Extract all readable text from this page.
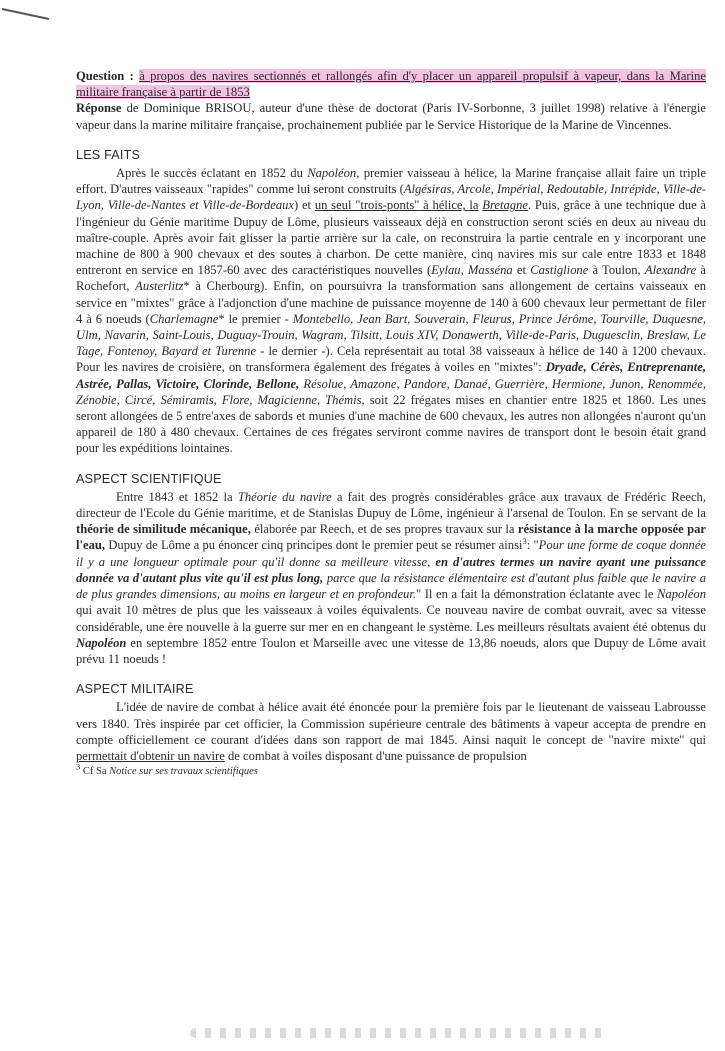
Question : à propos des navires sectionnés et rallongés afin d'y placer un appareil propulsif à vapeur, dans la Marine militaire française à partir de 1853

Réponse de Dominique BRISOU, auteur d'une thèse de doctorat (Paris IV-Sorbonne, 3 juillet 1998) relative à l'énergie vapeur dans la marine militaire française, prochainement publiée par le Service Historique de la Marine de Vincennes.

LES FAITS

Après le succès éclatant en 1852 du Napoléon, premier vaisseau à hélice, la Marine française allait faire un triple effort. D'autres vaisseaux "rapides" comme lui seront construits (Algésiras, Arcole, Impérial, Redoutable, Intrépide, Ville-de-Lyon, Ville-de-Nantes et Ville-de-Bordeaux) et un seul "trois-ponts" à hélice, la Bretagne. Puis, grâce à une technique due à l'ingénieur du Génie maritime Dupuy de Lôme, plusieurs vaisseaux déjà en construction seront sciés en deux au niveau du maître-couple. Après avoir fait glisser la partie arrière sur la cale, on reconstruira la partie centrale en y incorporant une machine de 800 à 900 chevaux et des soutes à charbon. De cette manière, cinq navires mis sur cale entre 1833 et 1848 entreront en service en 1857-60 avec des caractéristiques nouvelles (Eylau, Masséna et Castiglione à Toulon, Alexandre à Rochefort, Austerlitz* à Cherbourg). Enfin, on poursuivra la transformation sans allongement de certains vaisseaux en service en "mixtes" grâce à l'adjonction d'une machine de puissance moyenne de 140 à 600 chevaux leur permettant de filer 4 à 6 noeuds (Charlemagne* le premier - Montebello, Jean Bart, Souverain, Fleurus, Prince Jérôme, Tourville, Duquesne, Ulm, Navarin, Saint-Louis, Duguay-Trouin, Wagram, Tilsitt, Louis XIV, Donawerth, Ville-de-Paris, Duguesclin, Breslaw, Le Tage, Fontenoy, Bayard et Turenne - le dernier -). Cela représentait au total 38 vaisseaux à hélice de 140 à 1200 chevaux. Pour les navires de croisière, on transformera également des frégates à voiles en "mixtes": Dryade, Cérès, Entreprenante, Astrée, Pallas, Victoire, Clorinde, Bellone, Résolue, Amazone, Pandore, Danaé, Guerrière, Hermione, Junon, Renommée, Zénobie, Circé, Sémiramis, Flore, Magicienne, Thémis, soit 22 frégates mises en chantier entre 1825 et 1860. Les unes seront allongées de 5 entre'axes de sabords et munies d'une machine de 600 chevaux, les autres non allongées n'auront qu'un appareil de 180 à 480 chevaux. Certaines de ces frégates serviront comme navires de transport dont le besoin était grand pour les expéditions lointaines.

ASPECT SCIENTIFIQUE

Entre 1843 et 1852 la Théorie du navire a fait des progrès considérables grâce aux travaux de Frédéric Reech, directeur de l'Ecole du Génie maritime, et de Stanislas Dupuy de Lôme, ingénieur à l'arsenal de Toulon. En se servant de la théorie de similitude mécanique, élaborée par Reech, et de ses propres travaux sur la résistance à la marche opposée par l'eau, Dupuy de Lôme a pu énoncer cinq principes dont le premier peut se résumer ainsi$^3$: "Pour une forme de coque donnée il y a une longueur optimale pour qu'il donne sa meilleure vitesse, en d'autres termes un navire ayant une puissance donnée va d'autant plus vite qu'il est plus long, parce que la résistance élémentaire est d'autant plus faible que le navire a de plus grandes dimensions, au moins en largeur et en profondeur." Il en a fait la démonstration éclatante avec le Napoléon qui avait 10 mètres de plus que les vaisseaux à voiles équivalents. Ce nouveau navire de combat ouvrait, avec sa vitesse considérable, une ère nouvelle à la guerre sur mer en en changeant le système. Les meilleurs résultats avaient été obtenus du Napoléon en septembre 1852 entre Toulon et Marseille avec une vitesse de 13,86 noeuds, alors que Dupuy de Lôme avait prévu 11 noeuds !

ASPECT MILITAIRE

L'idée de navire de combat à hélice avait été énoncée pour la première fois par le lieutenant de vaisseau Labrousse vers 1840. Très inspirée par cet officier, la Commission supérieure centrale des bâtiments à vapeur accepta de prendre en compte officiellement ce courant d'idées dans son rapport de mai 1845. Ainsi naquit le concept de "navire mixte" qui permettait d'obtenir un navire de combat à voiles disposant d'une puissance de propulsion

$^3$ Cf Sa Notice sur ses travaux scientifiques
